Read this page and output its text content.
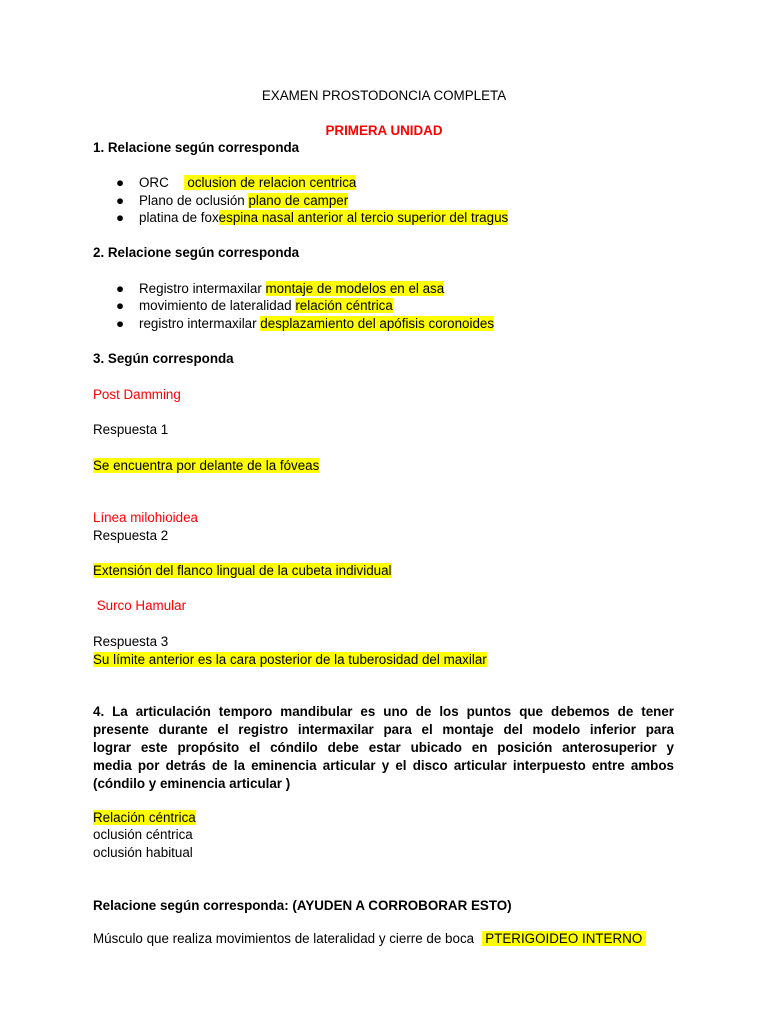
EXAMEN PROSTODONCIA COMPLETA
PRIMERA UNIDAD
1. Relacione según corresponda
● ORC     oclusion de relacion centrica
● Plano de oclusión plano de camper
● platina de foxespina nasal anterior al tercio superior del tragus
2. Relacione según corresponda
● Registro intermaxilar montaje de modelos en el asa
● movimiento de lateralidad relación céntrica
● registro intermaxilar desplazamiento del apófisis coronoides
3. Según corresponda
Post Damming
Respuesta 1
Se encuentra por delante de la fóveas
Línea milohioidea
Respuesta 2
Extensión del flanco lingual de la cubeta individual
Surco Hamular
Respuesta 3
Su límite anterior es la cara posterior de la tuberosidad del maxilar
4. La articulación temporo mandibular es uno de los puntos que debemos de tener
presente durante el registro intermaxilar para el montaje del modelo inferior para
lograr este propósito el cóndilo debe estar ubicado en posición anterosuperior y
media por detrás de la eminencia articular y el disco articular interpuesto entre ambos
(cóndilo y eminencia articular )
Relación céntrica
oclusión céntrica
oclusión habitual
Relacione según corresponda: (AYUDEN A CORROBORAR ESTO)

Músculo que realiza movimientos de lateralidad y cierre de boca   PTERIGOIDEO INTERNO
